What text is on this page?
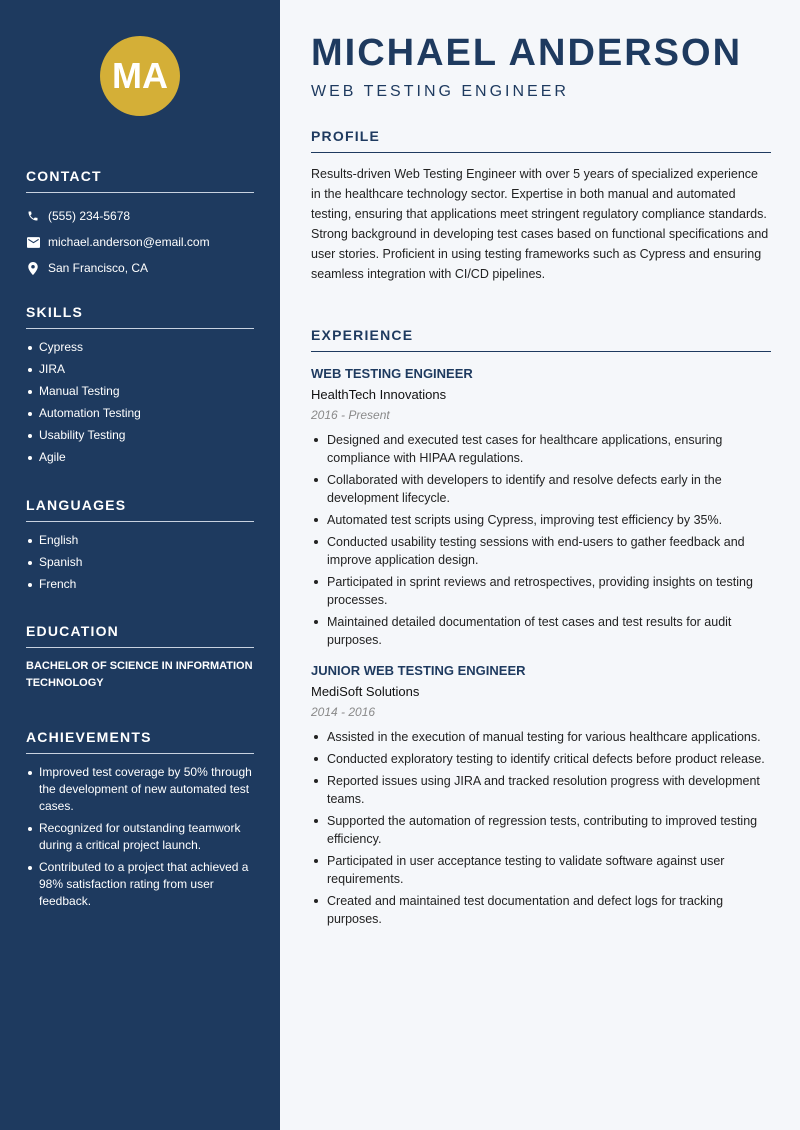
MA
CONTACT
(555) 234-5678
michael.anderson@email.com
San Francisco, CA
SKILLS
Cypress
JIRA
Manual Testing
Automation Testing
Usability Testing
Agile
LANGUAGES
English
Spanish
French
EDUCATION
BACHELOR OF SCIENCE IN INFORMATION TECHNOLOGY
ACHIEVEMENTS
Improved test coverage by 50% through the development of new automated test cases.
Recognized for outstanding teamwork during a critical project launch.
Contributed to a project that achieved a 98% satisfaction rating from user feedback.
MICHAEL ANDERSON
WEB TESTING ENGINEER
PROFILE

Results-driven Web Testing Engineer with over 5 years of specialized experience in the healthcare technology sector. Expertise in both manual and automated testing, ensuring that applications meet stringent regulatory compliance standards. Strong background in developing test cases based on functional specifications and user stories. Proficient in using testing frameworks such as Cypress and ensuring seamless integration with CI/CD pipelines.

EXPERIENCE
WEB TESTING ENGINEER
HealthTech Innovations
2016 - Present
Designed and executed test cases for healthcare applications, ensuring compliance with HIPAA regulations.
Collaborated with developers to identify and resolve defects early in the development lifecycle.
Automated test scripts using Cypress, improving test efficiency by 35%.
Conducted usability testing sessions with end-users to gather feedback and improve application design.
Participated in sprint reviews and retrospectives, providing insights on testing processes.
Maintained detailed documentation of test cases and test results for audit purposes.
JUNIOR WEB TESTING ENGINEER
MediSoft Solutions
2014 - 2016
Assisted in the execution of manual testing for various healthcare applications.
Conducted exploratory testing to identify critical defects before product release.
Reported issues using JIRA and tracked resolution progress with development teams.
Supported the automation of regression tests, contributing to improved testing efficiency.
Participated in user acceptance testing to validate software against user requirements.
Created and maintained test documentation and defect logs for tracking purposes.
